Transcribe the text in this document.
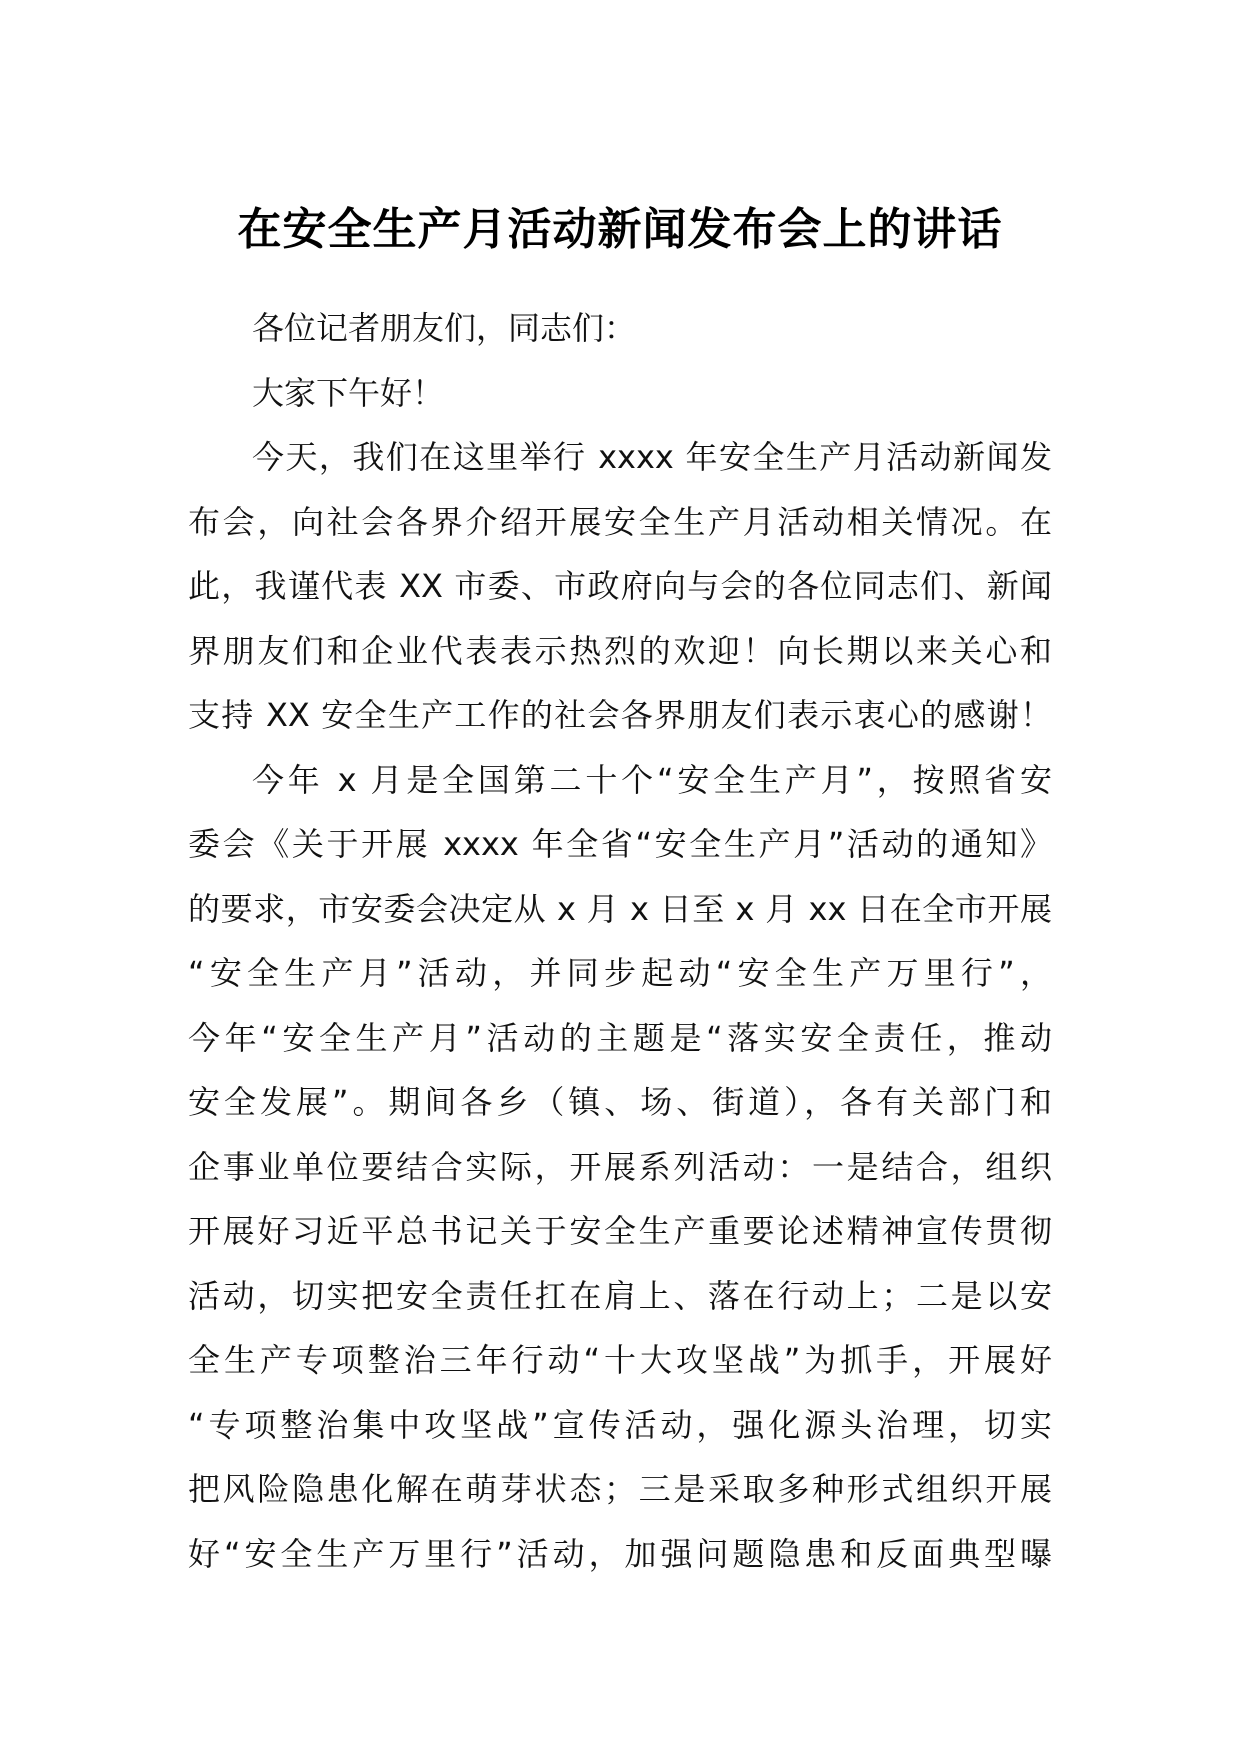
在安全生产月活动新闻发布会上的讲话
各位记者朋友们，同志们：
大家下午好！
今天，我们在这里举行 xxxx 年安全生产月活动新闻发
布会，向社会各界介绍开展安全生产月活动相关情况。在
此，我谨代表 XX 市委、市政府向与会的各位同志们、新闻
界朋友们和企业代表表示热烈的欢迎！向长期以来关心和
支持 XX 安全生产工作的社会各界朋友们表示衷心的感谢！
今年 x 月是全国第二十个“安全生产月”，按照省安
委会《关于开展 xxxx 年全省“安全生产月”活动的通知》
的要求，市安委会决定从 x 月 x 日至 x 月 xx 日在全市开展
“安全生产月”活动，并同步起动“安全生产万里行”，
今年“安全生产月”活动的主题是“落实安全责任，推动
安全发展”。期间各乡（镇、场、街道），各有关部门和
企事业单位要结合实际，开展系列活动：一是结合，组织
开展好习近平总书记关于安全生产重要论述精神宣传贯彻
活动，切实把安全责任扛在肩上、落在行动上；二是以安
全生产专项整治三年行动“十大攻坚战”为抓手，开展好
“专项整治集中攻坚战”宣传活动，强化源头治理，切实
把风险隐患化解在萌芽状态；三是采取多种形式组织开展
好“安全生产万里行”活动，加强问题隐患和反面典型曝
